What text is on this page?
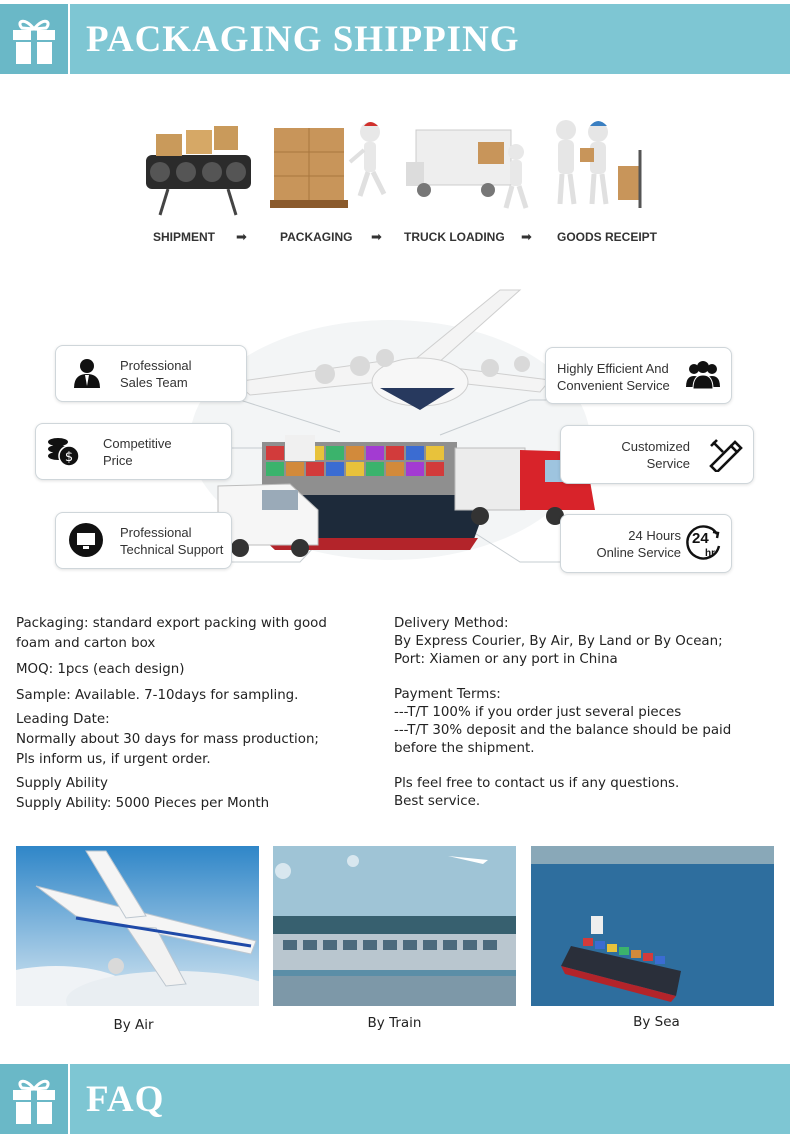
PACKAGING SHIPPING
SHIPMENT ➡	PACKAGING ➡ TRUCK LOADING ➡ GOODS RECEIPT
Professional
Sales Team
$
Competitive
Price
Professional
Technical Support
Highly Efficient And
Convenient Service
Customized
Service
24 Hours
Online Service
24
hr

Packaging: standard export packing with good

foam and carton box

MOQ: 1pcs (each design)

Sample: Available. 7-10days for sampling.

Leading Date:

Normally about 30 days for mass production;

Pls inform us, if urgent order.

Supply Ability

Supply Ability: 5000 Pieces per Month

Delivery Method:

By Express Courier, By Air, By Land or By Ocean;

Port: Xiamen or any port in China

Payment Terms:

---T/T 100% if you order just several pieces

---T/T 30% deposit and the balance should be paid

before the shipment.

Pls feel free to contact us if any questions.

Best service.

By Air	By Train	By Sea
FAQ
